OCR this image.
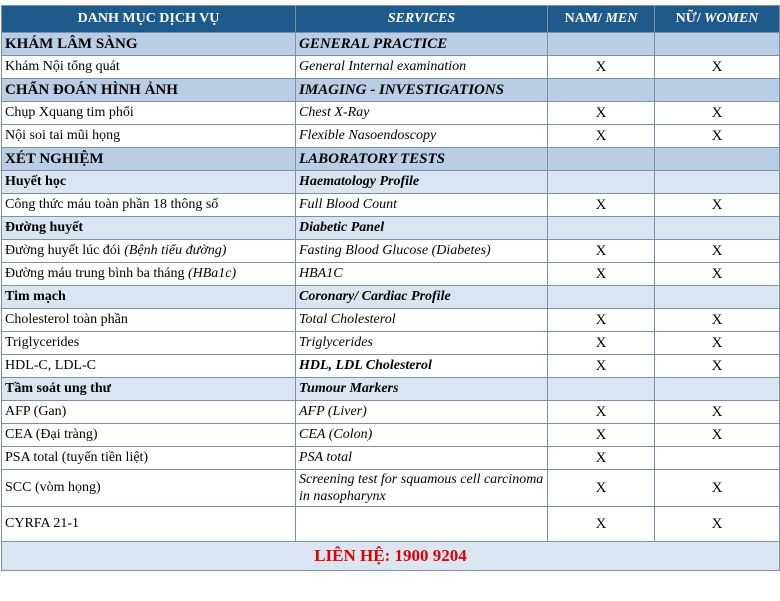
DANH MỤC DỊCH VỤ	SERVICES	NAM/ MEN	NỮ/ WOMEN
KHÁM LÂM SÀNG	GENERAL PRACTICE		
Khám Nội tổng quát	General Internal examination	X	X
CHẨN ĐOÁN HÌNH ẢNH	IMAGING - INVESTIGATIONS		
Chụp Xquang tim phổi	Chest X-Ray	X	X
Nội soi tai mũi họng	Flexible Nasoendoscopy	X	X
XÉT NGHIỆM	LABORATORY TESTS		
Huyết học	Haematology Profile		
Công thức máu toàn phần 18 thông số	Full Blood Count	X	X
Đường huyết	Diabetic Panel		
Đường huyết lúc đói (Bệnh tiểu đường)	Fasting Blood Glucose (Diabetes)	X	X
Đường máu trung bình ba tháng (HBa1c)	HBA1C	X	X
Tim mạch	Coronary/ Cardiac Profile		
Cholesterol toàn phần	Total Cholesterol	X	X
Triglycerides	Triglycerides	X	X
HDL-C, LDL-C	HDL, LDL Cholesterol	X	X
Tầm soát ung thư	Tumour Markers		
AFP (Gan)	AFP (Liver)	X	X
CEA (Đại tràng)	CEA (Colon)	X	X
PSA total (tuyến tiền liệt)	PSA total	X	
SCC (vòm họng)	Screening test for squamous cell carcinoma in nasopharynx	X	X
CYRFA 21-1		X	X
LIÊN HỆ: 1900 9204			
